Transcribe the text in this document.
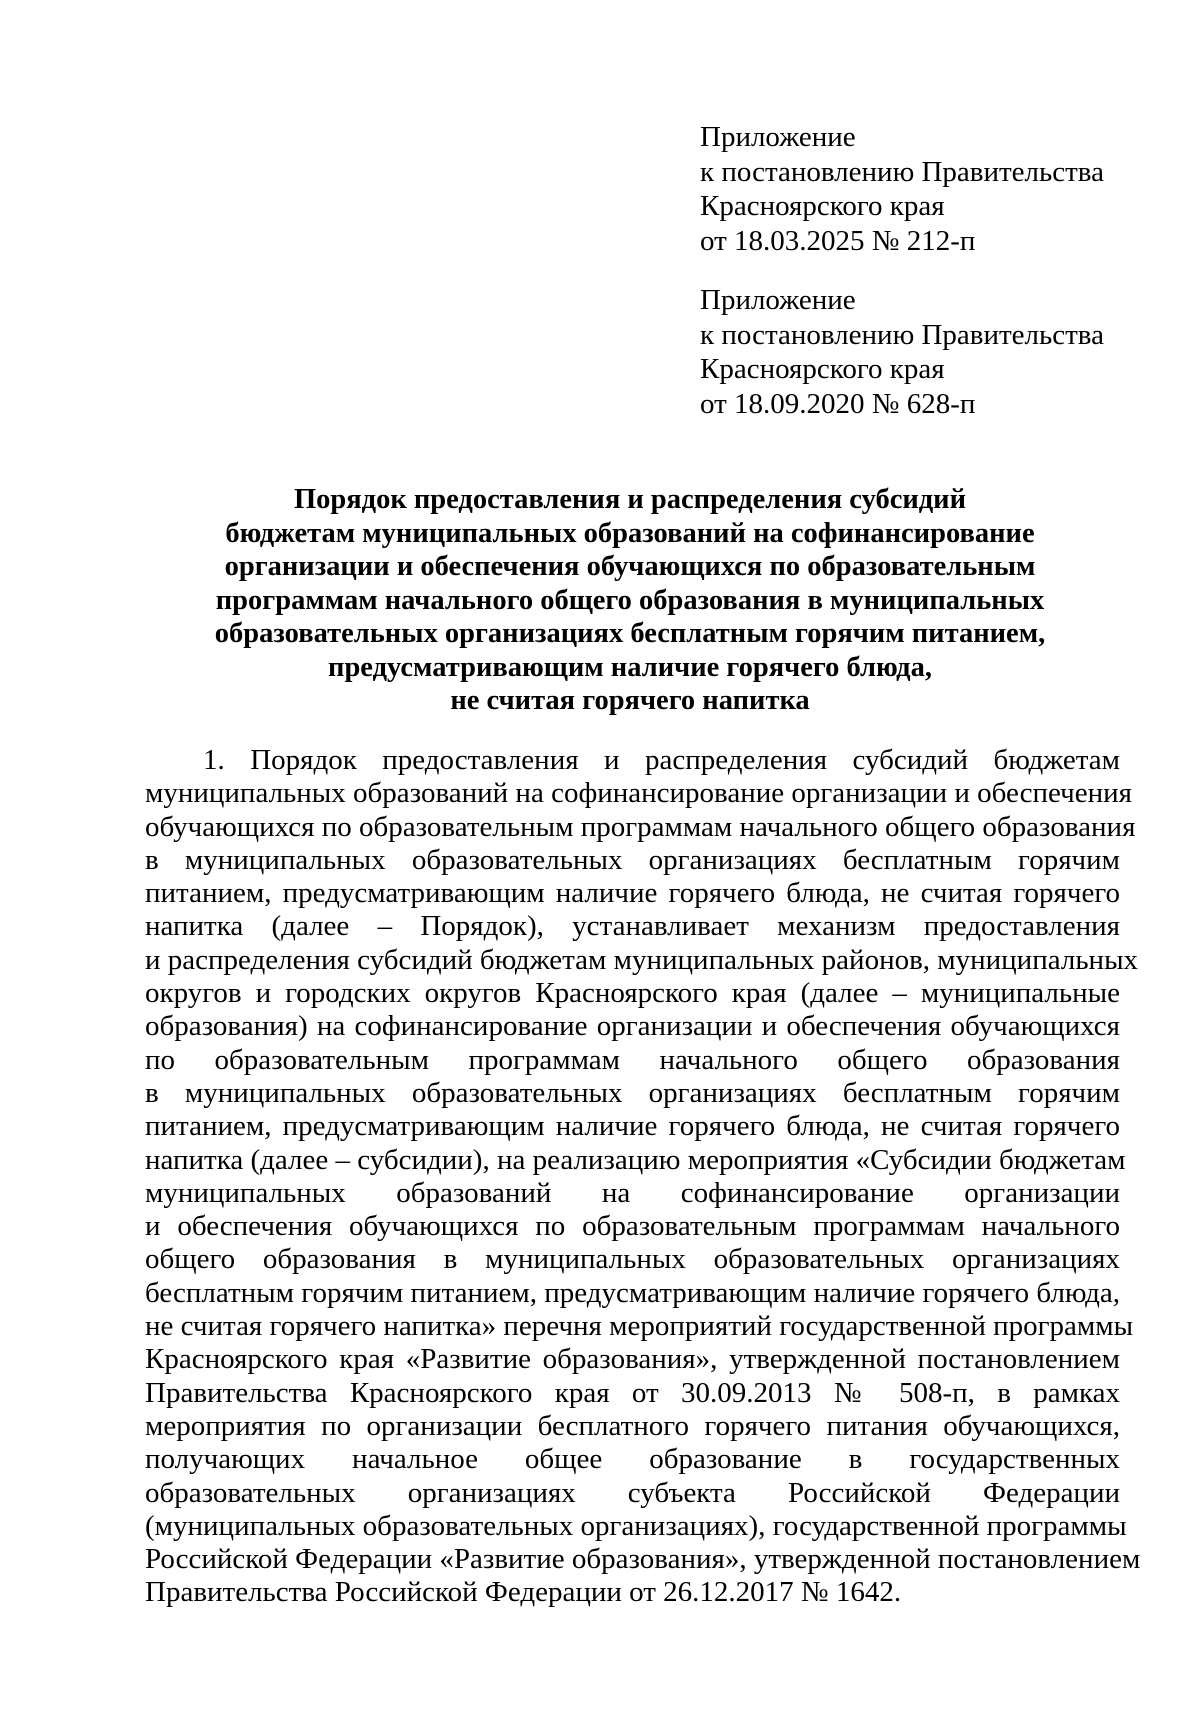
Приложение
к постановлению Правительства
Красноярского края
от 18.03.2025 № 212-п
Приложение
к постановлению Правительства
Красноярского края
от 18.09.2020 № 628-п
Порядок предоставления и распределения субсидий
бюджетам муниципальных образований на софинансирование
организации и обеспечения обучающихся по образовательным
программам начального общего образования в муниципальных
образовательных организациях бесплатным горячим питанием,
предусматривающим наличие горячего блюда,
не считая горячего напитка
1. Порядок предоставления и распределения субсидий бюджетам
муниципальных образований на софинансирование организации и обеспечения
обучающихся по образовательным программам начального общего образования
в муниципальных образовательных организациях бесплатным горячим
питанием, предусматривающим наличие горячего блюда, не считая горячего
напитка (далее – Порядок), устанавливает механизм предоставления
и распределения субсидий бюджетам муниципальных районов, муниципальных
округов и городских округов Красноярского края (далее – муниципальные
образования) на софинансирование организации и обеспечения обучающихся
по образовательным программам начального общего образования
в муниципальных образовательных организациях бесплатным горячим
питанием, предусматривающим наличие горячего блюда, не считая горячего
напитка (далее – субсидии), на реализацию мероприятия «Субсидии бюджетам
муниципальных образований на софинансирование организации
и обеспечения обучающихся по образовательным программам начального
общего образования в муниципальных образовательных организациях
бесплатным горячим питанием, предусматривающим наличие горячего блюда,
не считая горячего напитка» перечня мероприятий государственной программы
Красноярского края «Развитие образования», утвержденной постановлением
Правительства Красноярского края от 30.09.2013 № 508-п, в рамках
мероприятия по организации бесплатного горячего питания обучающихся,
получающих начальное общее образование в государственных
образовательных организациях субъекта Российской Федерации
(муниципальных образовательных организациях), государственной программы
Российской Федерации «Развитие образования», утвержденной постановлением
Правительства Российской Федерации от 26.12.2017 № 1642.
